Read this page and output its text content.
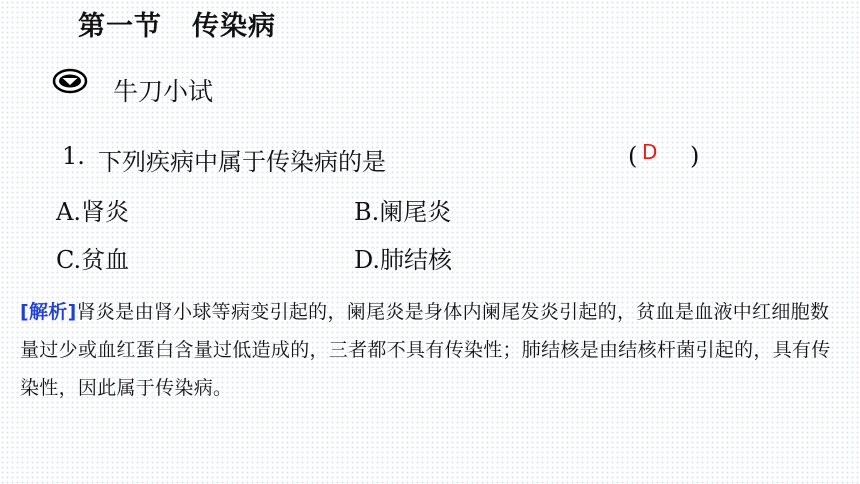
第一节 传染病
牛刀小试
1. 下列疾病中属于传染病的是	( D )
A.肾炎	B.阑尾炎
C.贫血	D.肺结核
[解析]肾炎是由肾小球等病变引起的，阑尾炎是身体内阑尾发炎引起的，贫血是血液中红细胞数量过少或血红蛋白含量过低造成的，三者都不具有传染性；肺结核是由结核杆菌引起的，具有传染性，因此属于传染病。
